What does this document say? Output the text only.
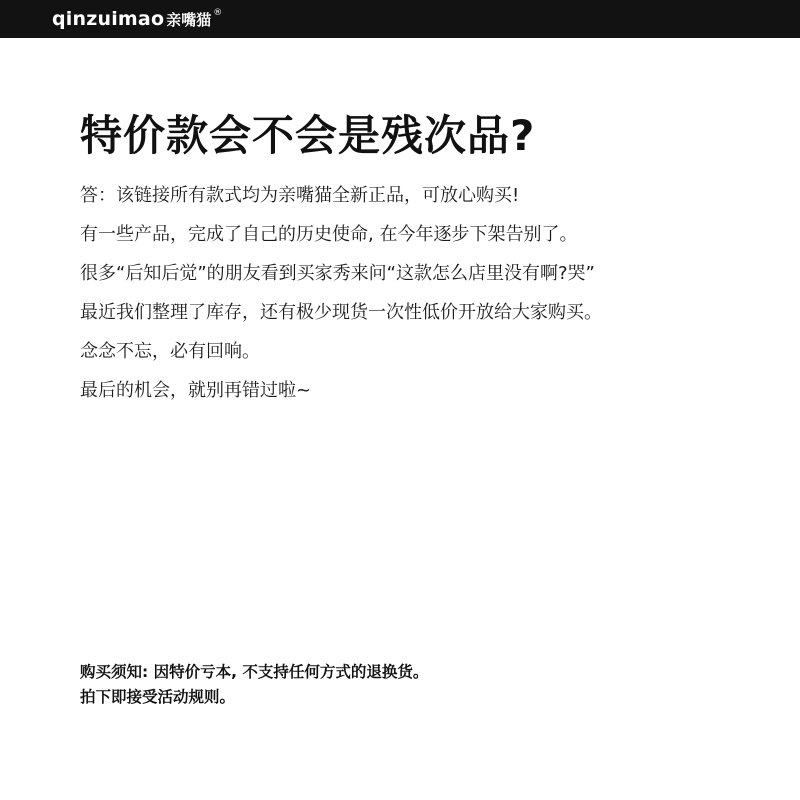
qinzuimao 亲嘴猫 ®
特价款会不会是残次品?
答：该链接所有款式均为亲嘴猫全新正品，可放心购买!
有一些产品，完成了自己的历史使命, 在今年逐步下架告别了。
很多“后知后觉”的朋友看到买家秀来问“这款怎么店里没有啊?哭”
最近我们整理了库存，还有极少现货一次性低价开放给大家购买。
念念不忘，必有回响。
最后的机会，就别再错过啦~
购买须知: 因特价亏本, 不支持任何方式的退换货。
拍下即接受活动规则。
